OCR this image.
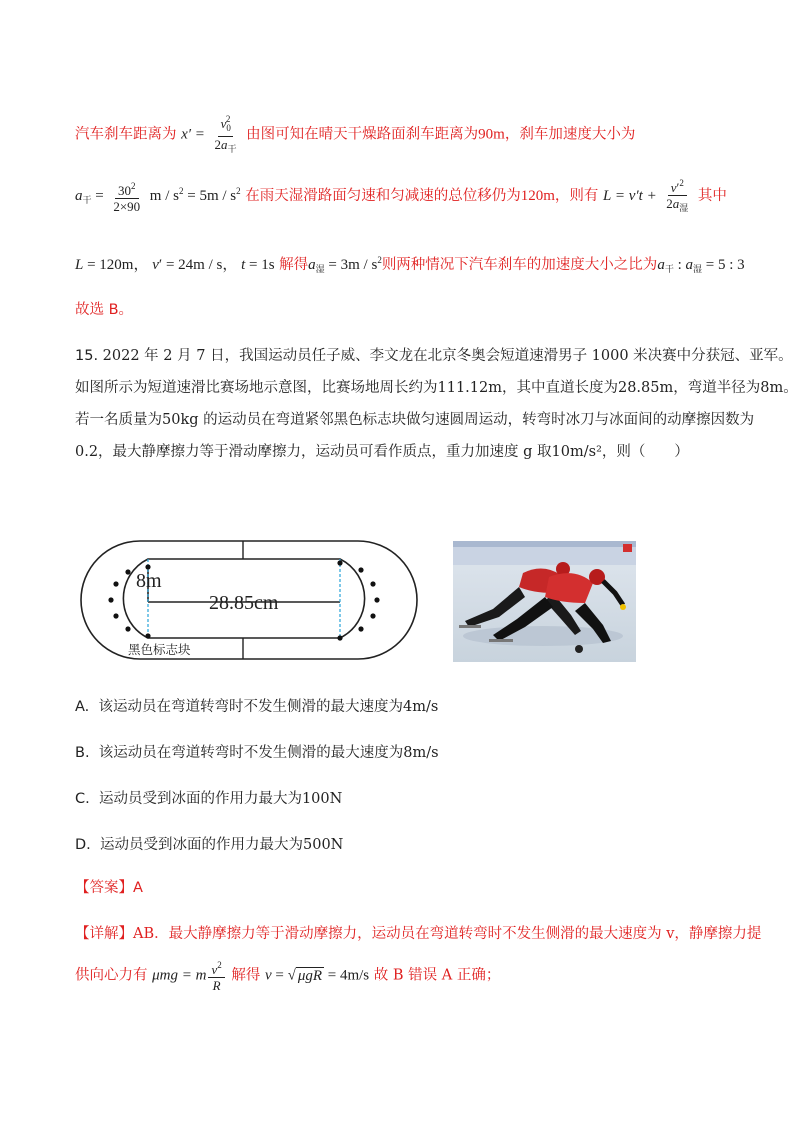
汽车刹车距离为 $x' = \frac{v_0^2}{2a_干}$ 由图可知在晴天干燥路面刹车距离为90m，刹车加速度大小为
$a_干 = \frac{30^2}{2\times 90}$ $m / s^2 = 5m / s^2$ 在雨天湿滑路面匀速和匀减速的总位移仍为120m，则有 $L = v't + \frac{v'^2}{2a_湿}$ 其中
L = 120m， v′ = 24m / s， t = 1s 解得$a_湿 = 3m / s^2$则两种情况下汽车刹车的加速度大小之比为$a_干$ : $a_湿 = 5$ : 3
故选 B。
15. 2022 年 2 月 7 日，我国运动员任子威、李文龙在北京冬奥会短道速滑男子 1000 米决赛中分获冠、亚军。
如图所示为短道速滑比赛场地示意图，比赛场地周长约为111.12m，其中直道长度为28.85m，弯道半径为8m。
若一名质量为50kg 的运动员在弯道紧邻黑色标志块做匀速圆周运动，转弯时冰刀与冰面间的动摩擦因数为
0.2，最大静摩擦力等于滑动摩擦力，运动员可看作质点，重力加速度 g 取10m/s²，则（　　）
8m
28.85cm
黑色标志块
A. 该运动员在弯道转弯时不发生侧滑的最大速度为4m/s
B. 该运动员在弯道转弯时不发生侧滑的最大速度为8m/s
C. 运动员受到冰面的作用力最大为100N
D. 运动员受到冰面的作用力最大为500N
【答案】A
【详解】AB．最大静摩擦力等于滑动摩擦力，运动员在弯道转弯时不发生侧滑的最大速度为 v，静摩擦力提
供向心力有 μmg = m $\frac{v^2}{R}$ 解得 v = √ μgR = 4m/s 故 B 错误 A 正确；
